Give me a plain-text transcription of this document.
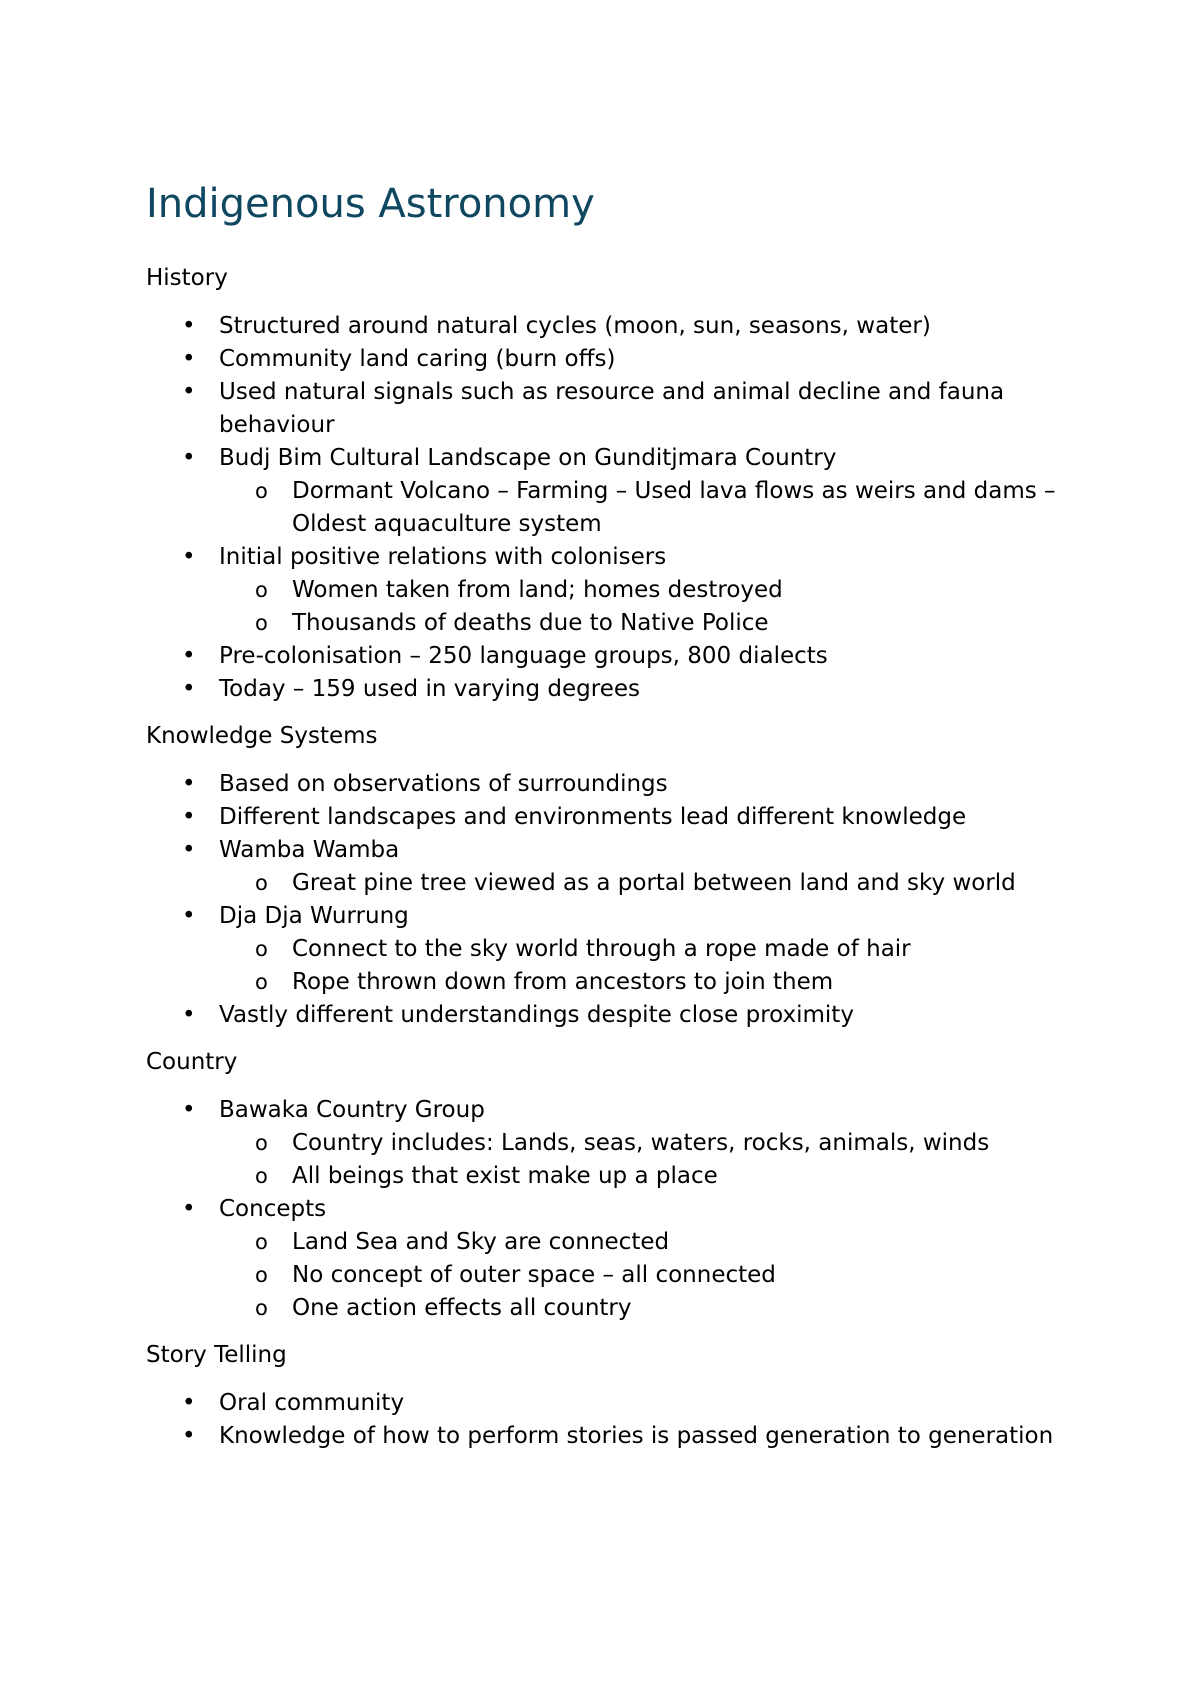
Indigenous Astronomy

History

• Structured around natural cycles (moon, sun, seasons, water)
• Community land caring (burn offs)
• Used natural signals such as resource and animal decline and fauna behaviour
• Budj Bim Cultural Landscape on Gunditjmara Country
o Dormant Volcano – Farming – Used lava flows as weirs and dams – Oldest aquaculture system
• Initial positive relations with colonisers
o Women taken from land; homes destroyed
o Thousands of deaths due to Native Police
• Pre-colonisation – 250 language groups, 800 dialects
• Today – 159 used in varying degrees

Knowledge Systems

• Based on observations of surroundings
• Different landscapes and environments lead different knowledge
• Wamba Wamba
o Great pine tree viewed as a portal between land and sky world
• Dja Dja Wurrung
o Connect to the sky world through a rope made of hair
o Rope thrown down from ancestors to join them
• Vastly different understandings despite close proximity

Country

• Bawaka Country Group
o Country includes: Lands, seas, waters, rocks, animals, winds
o All beings that exist make up a place
• Concepts
o Land Sea and Sky are connected
o No concept of outer space – all connected
o One action effects all country

Story Telling

• Oral community
• Knowledge of how to perform stories is passed generation to generation
